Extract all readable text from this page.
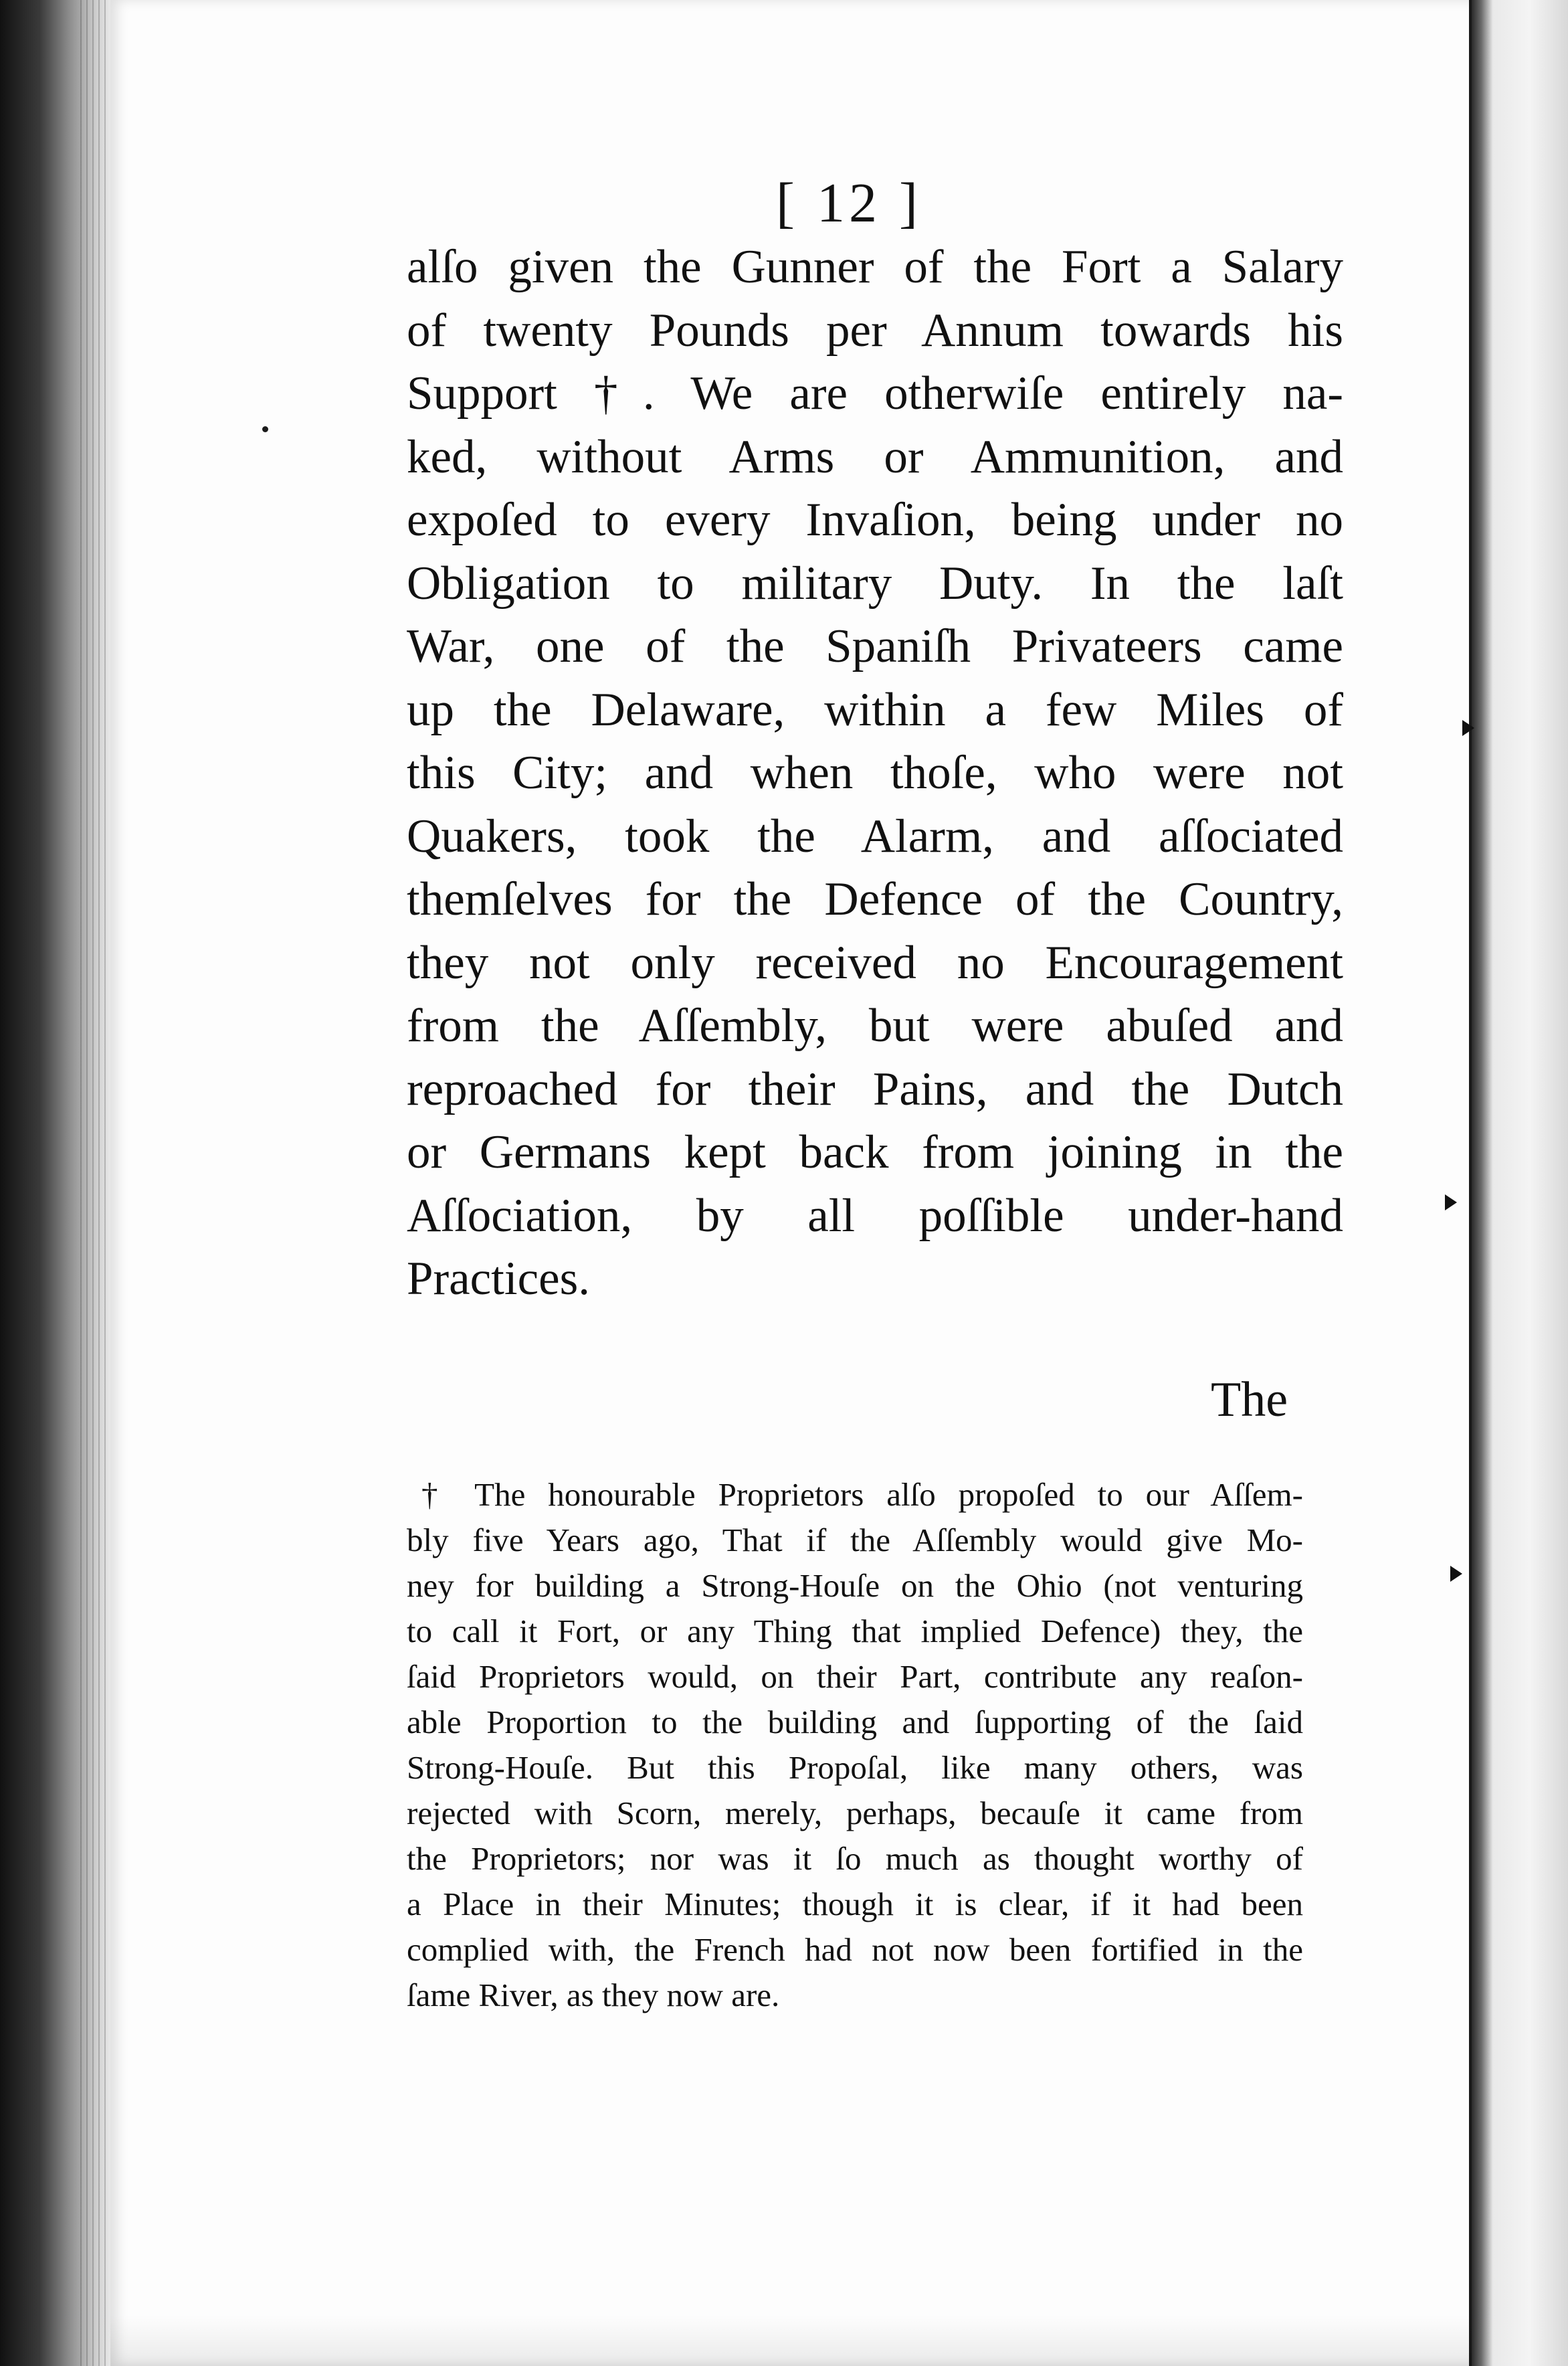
[ 12 ]
alſo given the Gunner of the Fort a Salary
of twenty Pounds per Annum towards his
Support †. We are otherwiſe entirely na-
ked, without Arms or Ammunition, and
expoſed to every Invaſion, being under no
Obligation to military Duty. In the laſt
War, one of the Spaniſh Privateers came
up the Delaware, within a few Miles of
this City; and when thoſe, who were not
Quakers, took the Alarm, and aſſociated
themſelves for the Defence of the Country,
they not only received no Encouragement
from the Aſſembly, but were abuſed and
reproached for their Pains, and the Dutch
or Germans kept back from joining in the
Aſſociation, by all poſſible under-hand
Practices.
The
† The honourable Proprietors alſo propoſed to our Aſſem-
bly five Years ago, That if the Aſſembly would give Mo-
ney for building a Strong-Houſe on the Ohio (not venturing
to call it Fort, or any Thing that implied Defence) they, the
ſaid Proprietors would, on their Part, contribute any reaſon-
able Proportion to the building and ſupporting of the ſaid
Strong-Houſe. But this Propoſal, like many others, was
rejected with Scorn, merely, perhaps, becauſe it came from
the Proprietors; nor was it ſo much as thought worthy of
a Place in their Minutes; though it is clear, if it had been
complied with, the French had not now been fortified in the
ſame River, as they now are.
